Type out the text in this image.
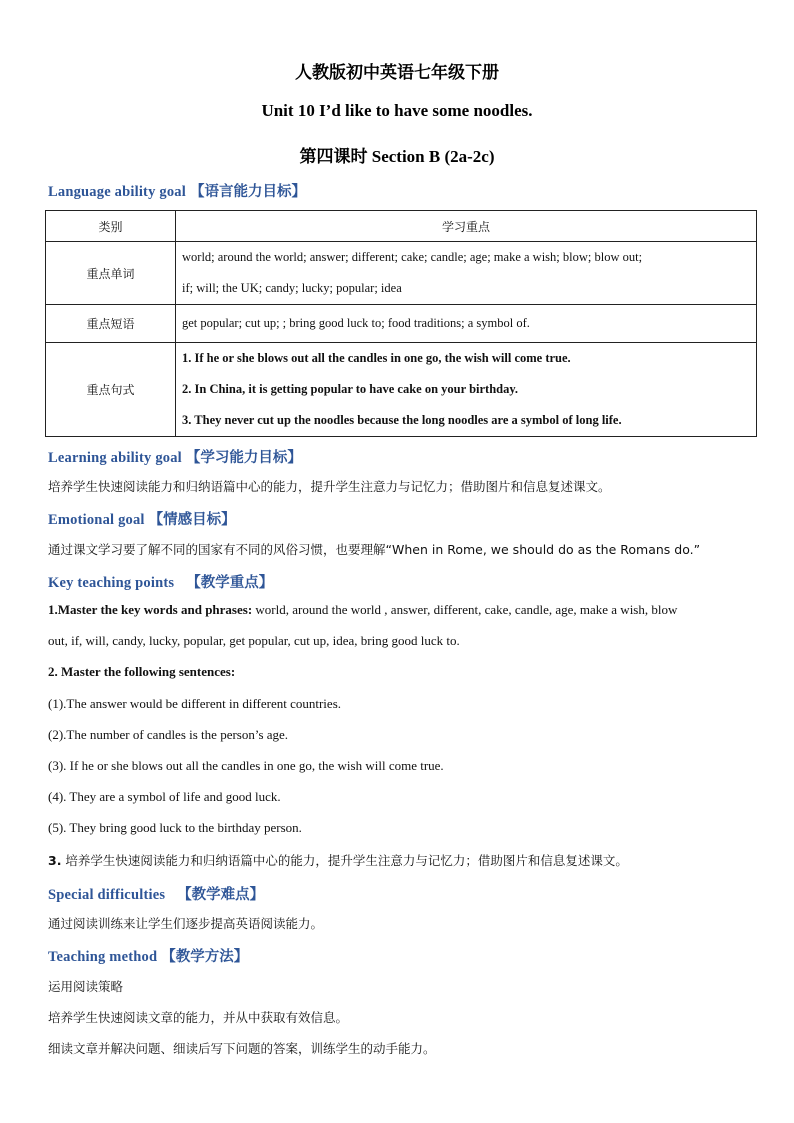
人教版初中英语七年级下册
Unit 10 I’d like to have some noodles.
第四课时 Section B (2a-2c)
Language ability goal 【语言能力目标】
类别	学习重点
重点单词	world; around the world; answer; different; cake; candle; age; make a wish; blow; blow out;
if; will; the UK; candy; lucky; popular; idea

重点短语	get popular; cut up; ; bring good luck to; food traditions; a symbol of.

重点句式	1. If he or she blows out all the candles in one go, the wish will come true.
2. In China, it is getting popular to have cake on your birthday.
3. They never cut up the noodles because the long noodles are a symbol of long life.
Learning ability goal 【学习能力目标】
培养学生快速阅读能力和归纳语篇中心的能力，提升学生注意力与记忆力；借助图片和信息复述课文。
Emotional goal 【情感目标】
通过课文学习要了解不同的国家有不同的风俗习惯，也要理解“When in Rome, we should do as the Romans do.”
Key teaching points 【教学重点】
1.Master the key words and phrases: world, around the world , answer, different, cake, candle, age, make a wish, blow
out, if, will, candy, lucky, popular, get popular, cut up, idea, bring good luck to.
2. Master the following sentences:
(1).The answer would be different in different countries.
(2).The number of candles is the person’s age.
(3). If he or she blows out all the candles in one go, the wish will come true.
(4). They are a symbol of life and good luck.
(5). They bring good luck to the birthday person.
3. 培养学生快速阅读能力和归纳语篇中心的能力，提升学生注意力与记忆力；借助图片和信息复述课文。
Special difficulties 【教学难点】
通过阅读训练来让学生们逐步提高英语阅读能力。
Teaching method 【教学方法】
运用阅读策略
培养学生快速阅读文章的能力，并从中获取有效信息。
细读文章并解决问题、细读后写下问题的答案，训练学生的动手能力。
